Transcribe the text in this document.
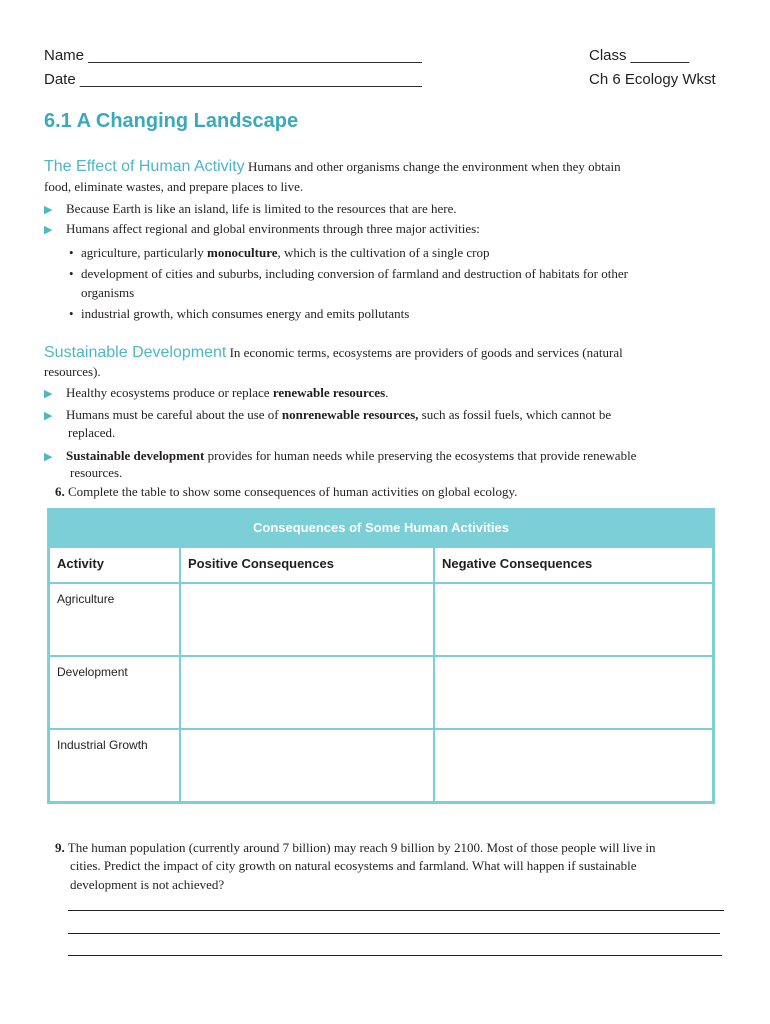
Name ________________________________________
Date _________________________________________
Class _______
Ch 6 Ecology Wkst
6.1 A Changing Landscape
The Effect of Human Activity Humans and other organisms change the environment when they obtain
food, eliminate wastes, and prepare places to live.
▶ Because Earth is like an island, life is limited to the resources that are here.
▶ Humans affect regional and global environments through three major activities:
• agriculture, particularly monoculture, which is the cultivation of a single crop
• development of cities and suburbs, including conversion of farmland and destruction of habitats for other
organisms
• industrial growth, which consumes energy and emits pollutants
Sustainable Development In economic terms, ecosystems are providers of goods and services (natural
resources).
▶ Healthy ecosystems produce or replace renewable resources.
▶ Humans must be careful about the use of nonrenewable resources, such as fossil fuels, which cannot be
replaced.
▶ Sustainable development provides for human needs while preserving the ecosystems that provide renewable
resources.
6. Complete the table to show some consequences of human activities on global ecology.
Consequences of Some Human Activities
Activity	Positive Consequences	Negative Consequences
Agriculture
Development
Industrial Growth
9. The human population (currently around 7 billion) may reach 9 billion by 2100. Most of those people will live in
cities. Predict the impact of city growth on natural ecosystems and farmland. What will happen if sustainable
development is not achieved?
